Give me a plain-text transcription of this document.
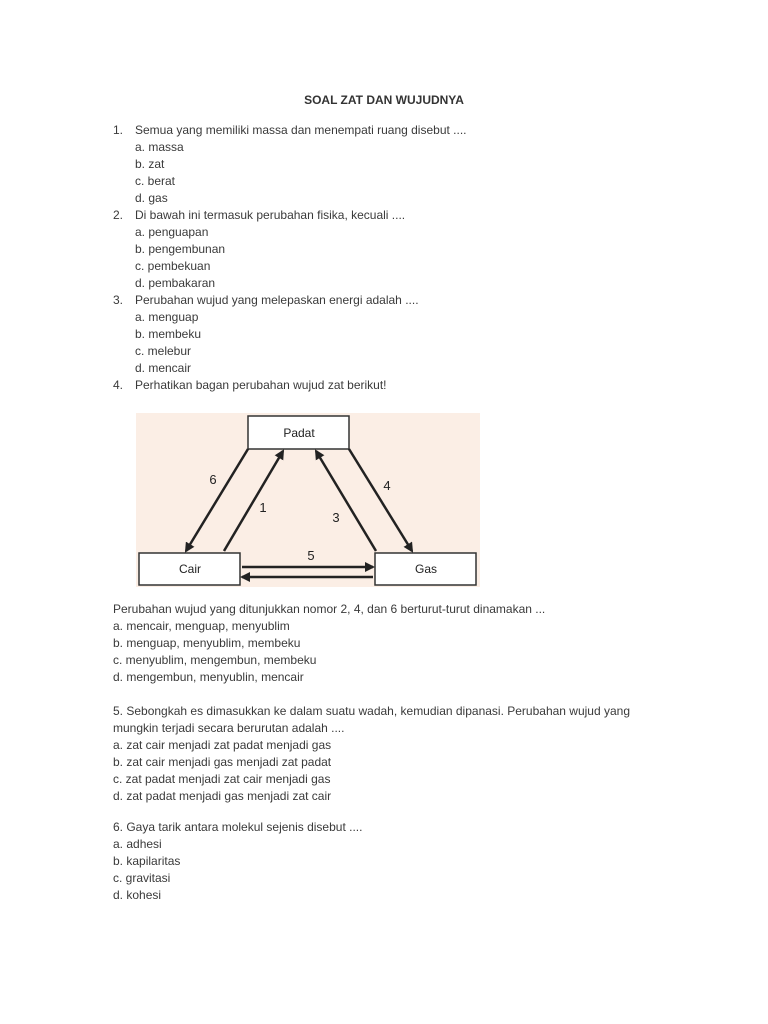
SOAL ZAT DAN WUJUDNYA
1. Semua yang memiliki massa dan menempati ruang disebut ....
a. massa
b. zat
c. berat
d. gas
2. Di bawah ini termasuk perubahan fisika, kecuali ....
a. penguapan
b. pengembunan
c. pembekuan
d. pembakaran
3. Perubahan wujud yang melepaskan energi adalah ....
a. menguap
b. membeku
c. melebur
d. mencair
4. Perhatikan bagan perubahan wujud zat berikut!
Padat
Cair	Gas
6
1
3
4
5
Perubahan wujud yang ditunjukkan nomor 2, 4, dan 6 berturut-turut dinamakan ...
a. mencair, menguap, menyublim
b. menguap, menyublim, membeku
c. menyublim, mengembun, membeku
d. mengembun, menyublin, mencair
5. Sebongkah es dimasukkan ke dalam suatu wadah, kemudian dipanasi. Perubahan wujud yang
mungkin terjadi secara berurutan adalah ....
a. zat cair menjadi zat padat menjadi gas
b. zat cair menjadi gas menjadi zat padat
c. zat padat menjadi zat cair menjadi gas
d. zat padat menjadi gas menjadi zat cair
6. Gaya tarik antara molekul sejenis disebut ....
a. adhesi
b. kapilaritas
c. gravitasi
d. kohesi
